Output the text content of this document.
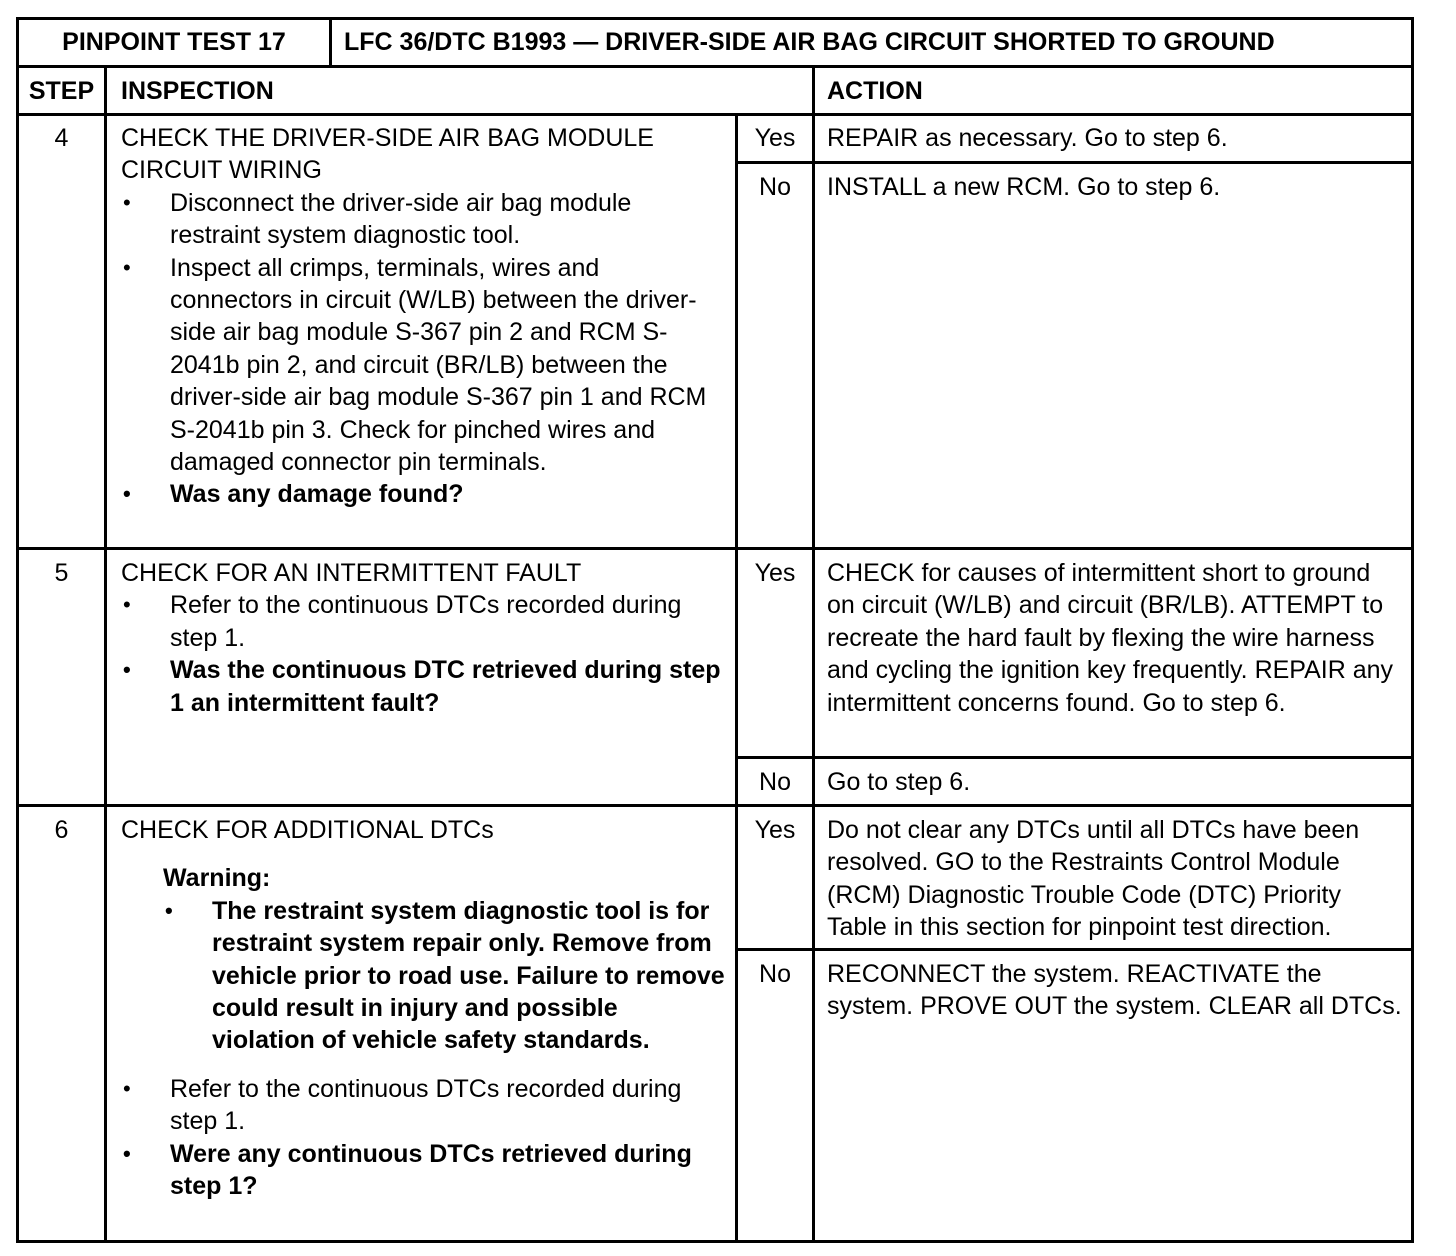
PINPOINT TEST 17	LFC 36/DTC B1993 — DRIVER-SIDE AIR BAG CIRCUIT SHORTED TO GROUND
STEP	INSPECTION	ACTION
4	CHECK THE DRIVER-SIDE AIR BAG MODULE
CIRCUIT WIRING
• Disconnect the driver-side air bag module restraint system diagnostic tool.
• Inspect all crimps, terminals, wires and connectors in circuit (W/LB) between the driver-side air bag module S-367 pin 2 and RCM S-2041b pin 2, and circuit (BR/LB) between the driver-side air bag module S-367 pin 1 and RCM S-2041b pin 3. Check for pinched wires and damaged connector pin terminals.
• Was any damage found?
Yes	REPAIR as necessary. Go to step 6.
No	INSTALL a new RCM. Go to step 6.
5	CHECK FOR AN INTERMITTENT FAULT
• Refer to the continuous DTCs recorded during step 1.
• Was the continuous DTC retrieved during step 1 an intermittent fault?
Yes	CHECK for causes of intermittent short to ground on circuit (W/LB) and circuit (BR/LB). ATTEMPT to recreate the hard fault by flexing the wire harness and cycling the ignition key frequently. REPAIR any intermittent concerns found. Go to step 6.
No	Go to step 6.
6	CHECK FOR ADDITIONAL DTCs
Warning:
• The restraint system diagnostic tool is for restraint system repair only. Remove from vehicle prior to road use. Failure to remove could result in injury and possible violation of vehicle safety standards.
• Refer to the continuous DTCs recorded during step 1.
• Were any continuous DTCs retrieved during step 1?
Yes	Do not clear any DTCs until all DTCs have been resolved. GO to the Restraints Control Module (RCM) Diagnostic Trouble Code (DTC) Priority Table in this section for pinpoint test direction.
No	RECONNECT the system. REACTIVATE the system. PROVE OUT the system. CLEAR all DTCs.
